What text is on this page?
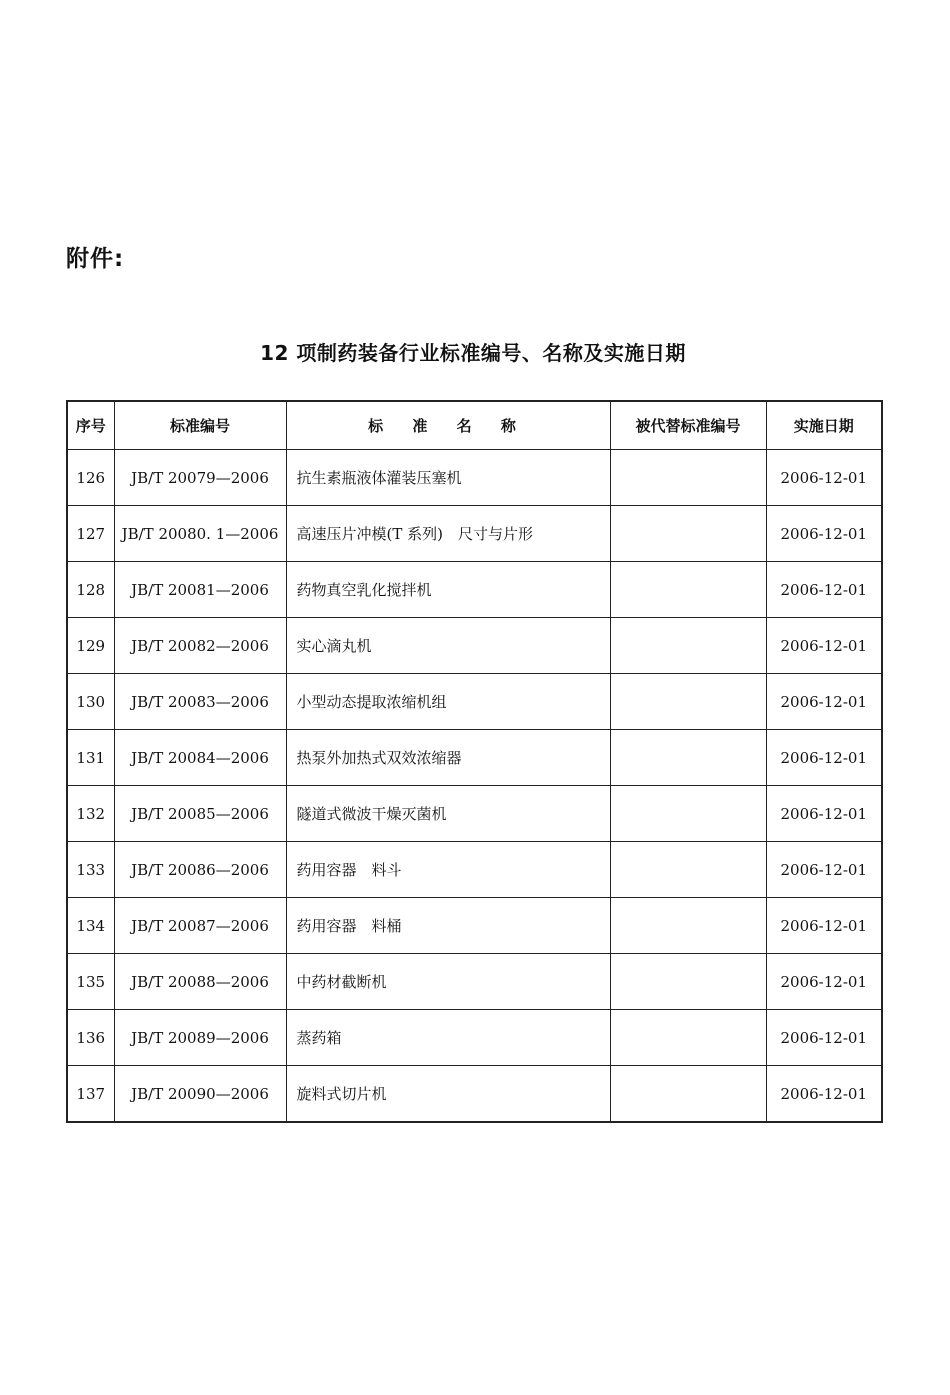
附件:
12 项制药装备行业标准编号、名称及实施日期
序号	标准编号	标 准 名 称	被代替标准编号	实施日期
126	JB/T 20079—2006	抗生素瓶液体灌装压塞机		2006-12-01
127	JB/T 20080. 1—2006	高速压片冲模(T 系列)　尺寸与片形		2006-12-01
128	JB/T 20081—2006	药物真空乳化搅拌机		2006-12-01
129	JB/T 20082—2006	实心滴丸机		2006-12-01
130	JB/T 20083—2006	小型动态提取浓缩机组		2006-12-01
131	JB/T 20084—2006	热泵外加热式双效浓缩器		2006-12-01
132	JB/T 20085—2006	隧道式微波干燥灭菌机		2006-12-01
133	JB/T 20086—2006	药用容器　料斗		2006-12-01
134	JB/T 20087—2006	药用容器　料桶		2006-12-01
135	JB/T 20088—2006	中药材截断机		2006-12-01
136	JB/T 20089—2006	蒸药箱		2006-12-01
137	JB/T 20090—2006	旋料式切片机		2006-12-01
